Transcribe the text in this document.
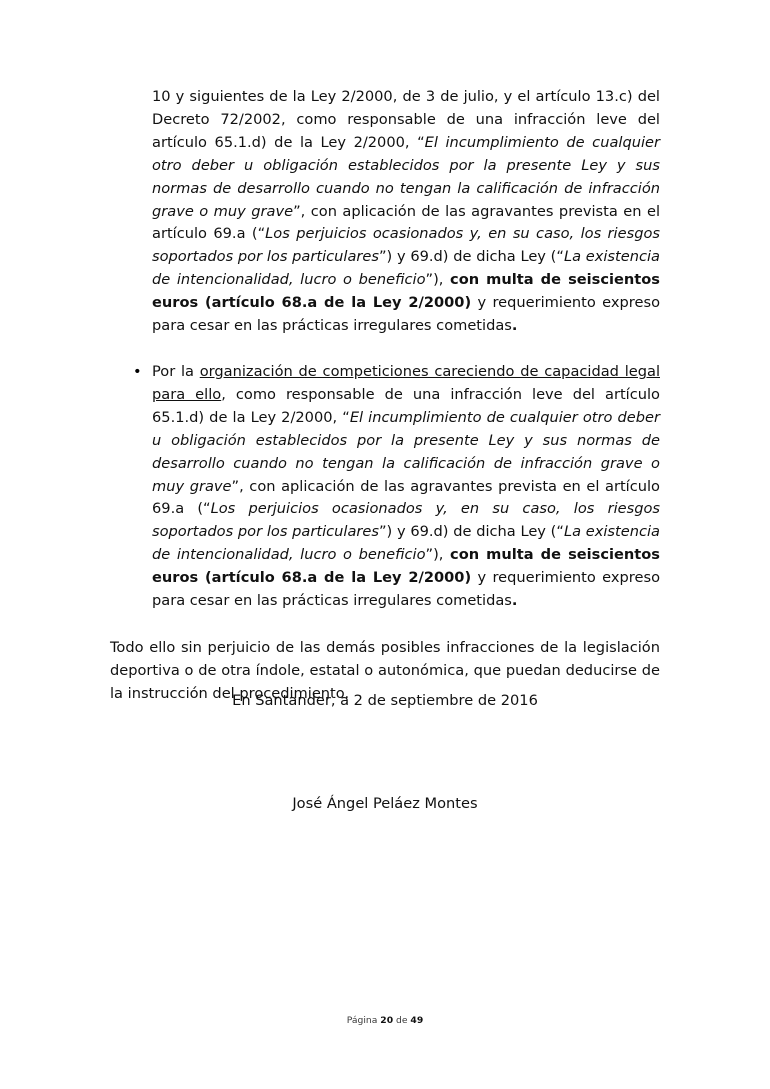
10 y siguientes de la Ley 2/2000, de 3 de julio, y el artículo 13.c) del Decreto 72/2002, como responsable de una infracción leve del artículo 65.1.d) de la Ley 2/2000, “El incumplimiento de cualquier otro deber u obligación establecidos por la presente Ley y sus normas de desarrollo cuando no tengan la calificación de infracción grave o muy grave”, con aplicación de las agravantes prevista en el artículo 69.a (“Los perjuicios ocasionados y, en su caso, los riesgos soportados por los particulares”) y 69.d) de dicha Ley (“La existencia de intencionalidad, lucro o beneficio”), con multa de seiscientos euros (artículo 68.a de la Ley 2/2000) y requerimiento expreso para cesar en las prácticas irregulares cometidas.

• Por la organización de competiciones careciendo de capacidad legal para ello, como responsable de una infracción leve del artículo 65.1.d) de la Ley 2/2000, “El incumplimiento de cualquier otro deber u obligación establecidos por la presente Ley y sus normas de desarrollo cuando no tengan la calificación de infracción grave o muy grave”, con aplicación de las agravantes prevista en el artículo 69.a (“Los perjuicios ocasionados y, en su caso, los riesgos soportados por los particulares”) y 69.d) de dicha Ley (“La existencia de intencionalidad, lucro o beneficio”), con multa de seiscientos euros (artículo 68.a de la Ley 2/2000) y requerimiento expreso para cesar en las prácticas irregulares cometidas.

Todo ello sin perjuicio de las demás posibles infracciones de la legislación deportiva o de otra índole, estatal o autonómica, que puedan deducirse de la instrucción del procedimiento.

En Santander, a 2 de septiembre de 2016
José Ángel Peláez Montes
Página 20 de 49
